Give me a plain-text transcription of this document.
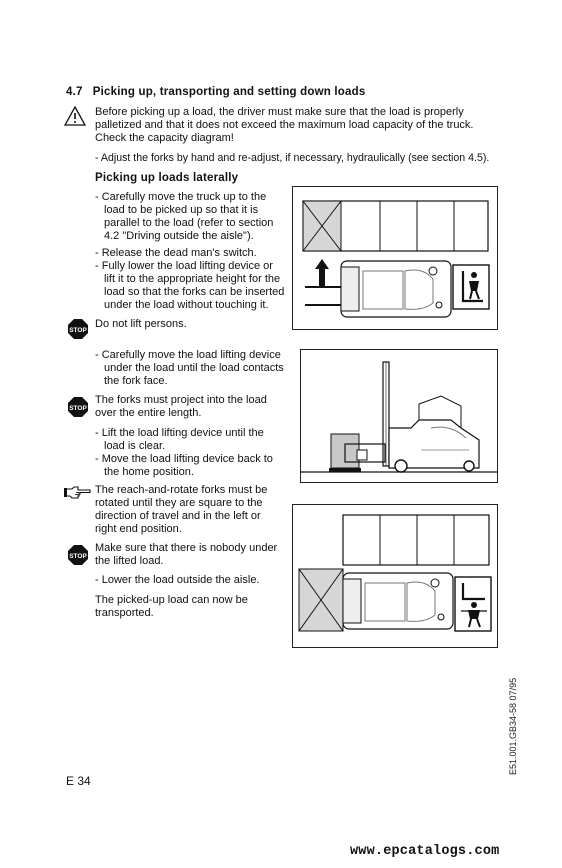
4.7 Picking up, transporting and setting down loads
Before picking up a load, the driver must make sure that the load is properly
palletized and that it does not exceed the maximum load capacity of the truck.
Check the capacity diagram!
- Adjust the forks by hand and re-adjust, if necessary, hydraulically (see section 4.5).
Picking up loads laterally
- Carefully move the truck up to the
load to be picked up so that it is
parallel to the load (refer to section
4.2 "Driving outside the aisle").
- Release the dead man's switch.
- Fully lower the load lifting device or
lift it to the appropriate height for the
load so that the forks can be inserted
under the load without touching it.
STOP
Do not lift persons.
- Carefully move the load lifting device
under the load until the load contacts
the fork face.
STOP
The forks must project into the load
over the entire length.
- Lift the load lifting device until the
load is clear.
- Move the load lifting device back to
the home position.
The reach-and-rotate forks must be
rotated until they are square to the
direction of travel and in the left or
right end position.
STOP
Make sure that there is nobody under
the lifted load.
- Lower the load outside the aisle.
The picked-up load can now be
transported.
E51.001.GB34-58 07/95
E 34
www.epcatalogs.com
